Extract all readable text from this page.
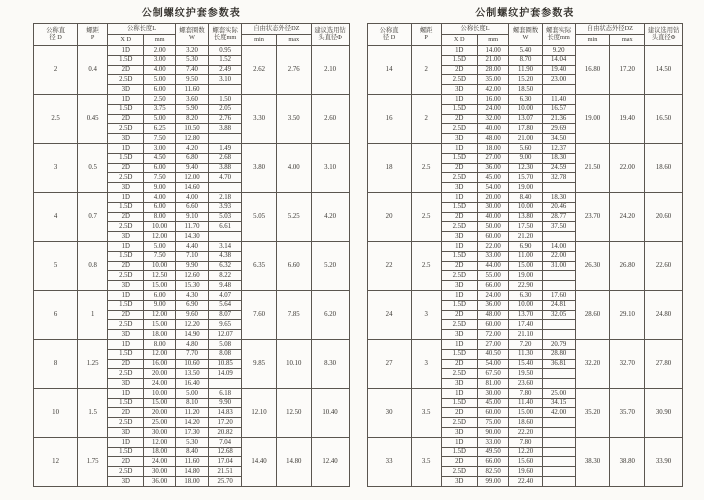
公制螺纹护套参数表
公称直
径 D	螺距
P	公称长度L		螺套圈数
W	螺套实际
长度mm	自由状态外径DZ		建议选用钻
头直径Φ
		X D	mm			min	max	
2	0.4	1D	2.00	3.20	0.95	2.62	2.76	2.10
		1.5D	3.00	5.30	1.52			
		2D	4.00	7.40	2.49			
		2.5D	5.00	9.50	3.10			
		3D	6.00	11.60				
2.5	0.45	1D	2.50	3.60	1.50	3.30	3.50	2.60
		1.5D	3.75	5.90	2.05			
		2D	5.00	8.20	2.76			
		2.5D	6.25	10.50	3.88			
		3D	7.50	12.80				
3	0.5	1D	3.00	4.20	1.49	3.80	4.00	3.10
		1.5D	4.50	6.80	2.68			
		2D	6.00	9.40	3.88			
		2.5D	7.50	12.00	4.70			
		3D	9.00	14.60				
4	0.7	1D	4.00	4.00	2.18	5.05	5.25	4.20
		1.5D	6.00	6.60	3.93			
		2D	8.00	9.10	5.03			
		2.5D	10.00	11.70	6.61			
		3D	12.00	14.30				
5	0.8	1D	5.00	4.40	3.14	6.35	6.60	5.20
		1.5D	7.50	7.10	4.38			
		2D	10.00	9.90	6.32			
		2.5D	12.50	12.60	8.22			
		3D	15.00	15.30	9.48			
6	1	1D	6.00	4.30	4.07	7.60	7.85	6.20
		1.5D	9.00	6.90	5.64			
		2D	12.00	9.60	8.07			
		2.5D	15.00	12.20	9.65			
		3D	18.00	14.90	12.07			
8	1.25	1D	8.00	4.80	5.08	9.85	10.10	8.30
		1.5D	12.00	7.70	8.08			
		2D	16.00	10.60	10.85			
		2.5D	20.00	13.50	14.09			
		3D	24.00	16.40				
10	1.5	1D	10.00	5.00	6.18	12.10	12.50	10.40
		1.5D	15.00	8.10	9.90			
		2D	20.00	11.20	14.83			
		2.5D	25.00	14.20	17.20			
		3D	30.00	17.30	20.82			
12	1.75	1D	12.00	5.30	7.04	14.40	14.80	12.40
		1.5D	18.00	8.40	12.68			
		2D	24.00	11.60	17.04			
		2.5D	30.00	14.80	21.51			
		3D	36.00	18.00	25.70			
公制螺纹护套参数表
公称直
径 D	螺距
P	公称长度L		螺套圈数
W	螺套实际
长度mm	自由状态外径DZ		建议选用钻
头直径Φ
		X D	mm			min	max	
14	2	1D	14.00	5.40	9.20	16.80	17.20	14.50
		1.5D	21.00	8.70	14.04			
		2D	28.00	11.90	19.40			
		2.5D	35.00	15.20	23.00			
		3D	42.00	18.50				
16	2	1D	16.00	6.30	11.40	19.00	19.40	16.50
		1.5D	24.00	10.00	16.57			
		2D	32.00	13.07	21.36			
		2.5D	40.00	17.80	29.69			
		3D	48.00	21.00	34.50			
18	2.5	1D	18.00	5.60	12.37	21.50	22.00	18.60
		1.5D	27.00	9.00	18.30			
		2D	36.00	12.30	24.59			
		2.5D	45.00	15.70	32.78			
		3D	54.00	19.00				
20	2.5	1D	20.00	8.40	18.30	23.70	24.20	20.60
		1.5D	30.00	10.00	20.46			
		2D	40.00	13.80	28.77			
		2.5D	50.00	17.50	37.50			
		3D	60.00	21.20				
22	2.5	1D	22.00	6.90	14.00	26.30	26.80	22.60
		1.5D	33.00	11.00	22.00			
		2D	44.00	15.00	31.00			
		2.5D	55.00	19.00				
		3D	66.00	22.90				
24	3	1D	24.00	6.30	17.60	28.60	29.10	24.80
		1.5D	36.00	10.00	24.81			
		2D	48.00	13.70	32.05			
		2.5D	60.00	17.40				
		3D	72.00	21.10				
27	3	1D	27.00	7.20	20.79	32.20	32.70	27.80
		1.5D	40.50	11.30	28.80			
		2D	54.00	15.40	36.81			
		2.5D	67.50	19.50				
		3D	81.00	23.60				
30	3.5	1D	30.00	7.80	25.00	35.20	35.70	30.90
		1.5D	45.00	11.40	34.15			
		2D	60.00	15.00	42.00			
		2.5D	75.00	18.60				
		3D	90.00	22.20				
33	3.5	1D	33.00	7.80		38.30	38.80	33.90
		1.5D	49.50	12.20				
		2D	66.00	15.60				
		2.5D	82.50	19.60				
		3D	99.00	22.40				
